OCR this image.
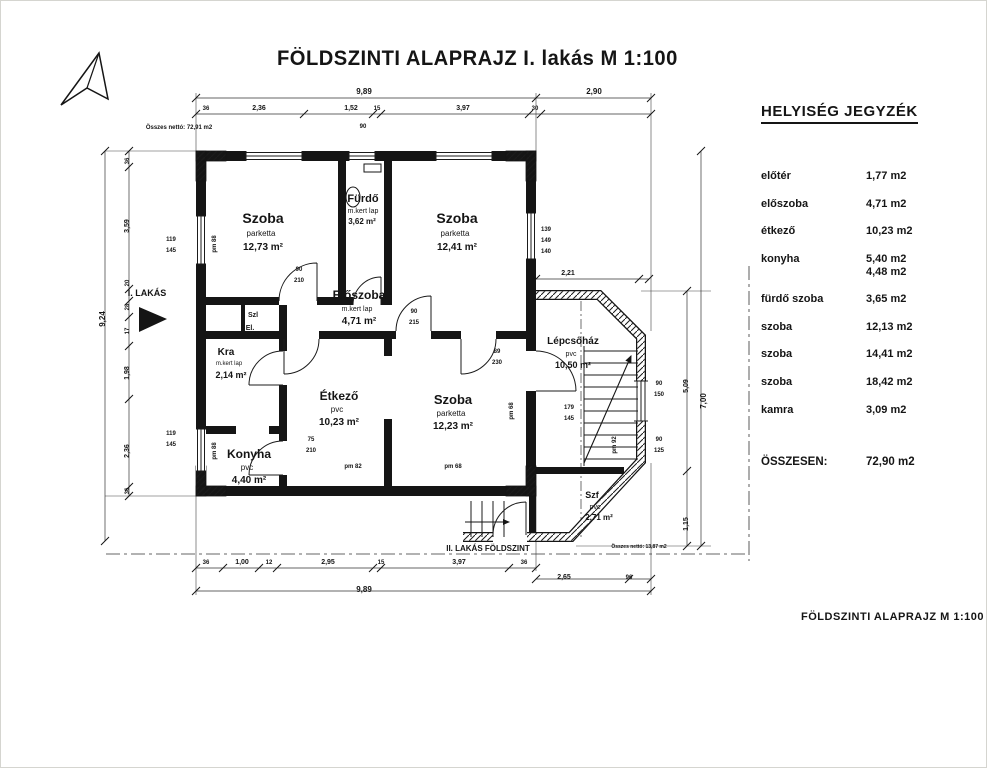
FÖLDSZINTI ALAPRAJZ I. lakás M 1:100
Szoba
parketta
12,73 m²
Fürdő
m.kert lap
3,62 m²	Szoba
parketta
12,41 m²
Előszoba
m.kert lap
4,71 m²
Kra
m.kert lap
2,14 m²
Étkező
pvc
10,23 m²
Konyha
pvc
4,40 m²
Szoba
parketta
12,23 m²
Lépcsőház
pvc
10,50 m²
Szf
pvc
2,71 m²
Szl
El.
I. LAKÁS
II. LAKÁS FÖLDSZINT
Összes nettó: 72,91 m2
Összes nettó: 13,87 m2
9,89	2,90
36	2,36	1,52	15	3,97	30
90
9,24
36
3,59
20
28
17
1,98
2,36
36
119
145
119
145
pm 88
pm 88
7,00
5,09
1,15
139
149
140
2,21
179
145
90
150
90
125
pm 92
pm 68
90
210
90
215
75
210
89
230
pm 82	pm 68
36	1,00	12	2,95	15	3,97	36
2,65	96
9,89
HELYISÉG JEGYZÉK
előtér	1,77 m2
előszoba	4,71 m2
étkező	10,23 m2
konyha	5,40 m2
4,48 m2
fürdő szoba	3,65 m2
szoba	12,13 m2
szoba	14,41 m2
szoba	18,42 m2
kamra	3,09 m2
ÖSSZESEN:	72,90 m2
FÖLDSZINTI ALAPRAJZ M 1:100
